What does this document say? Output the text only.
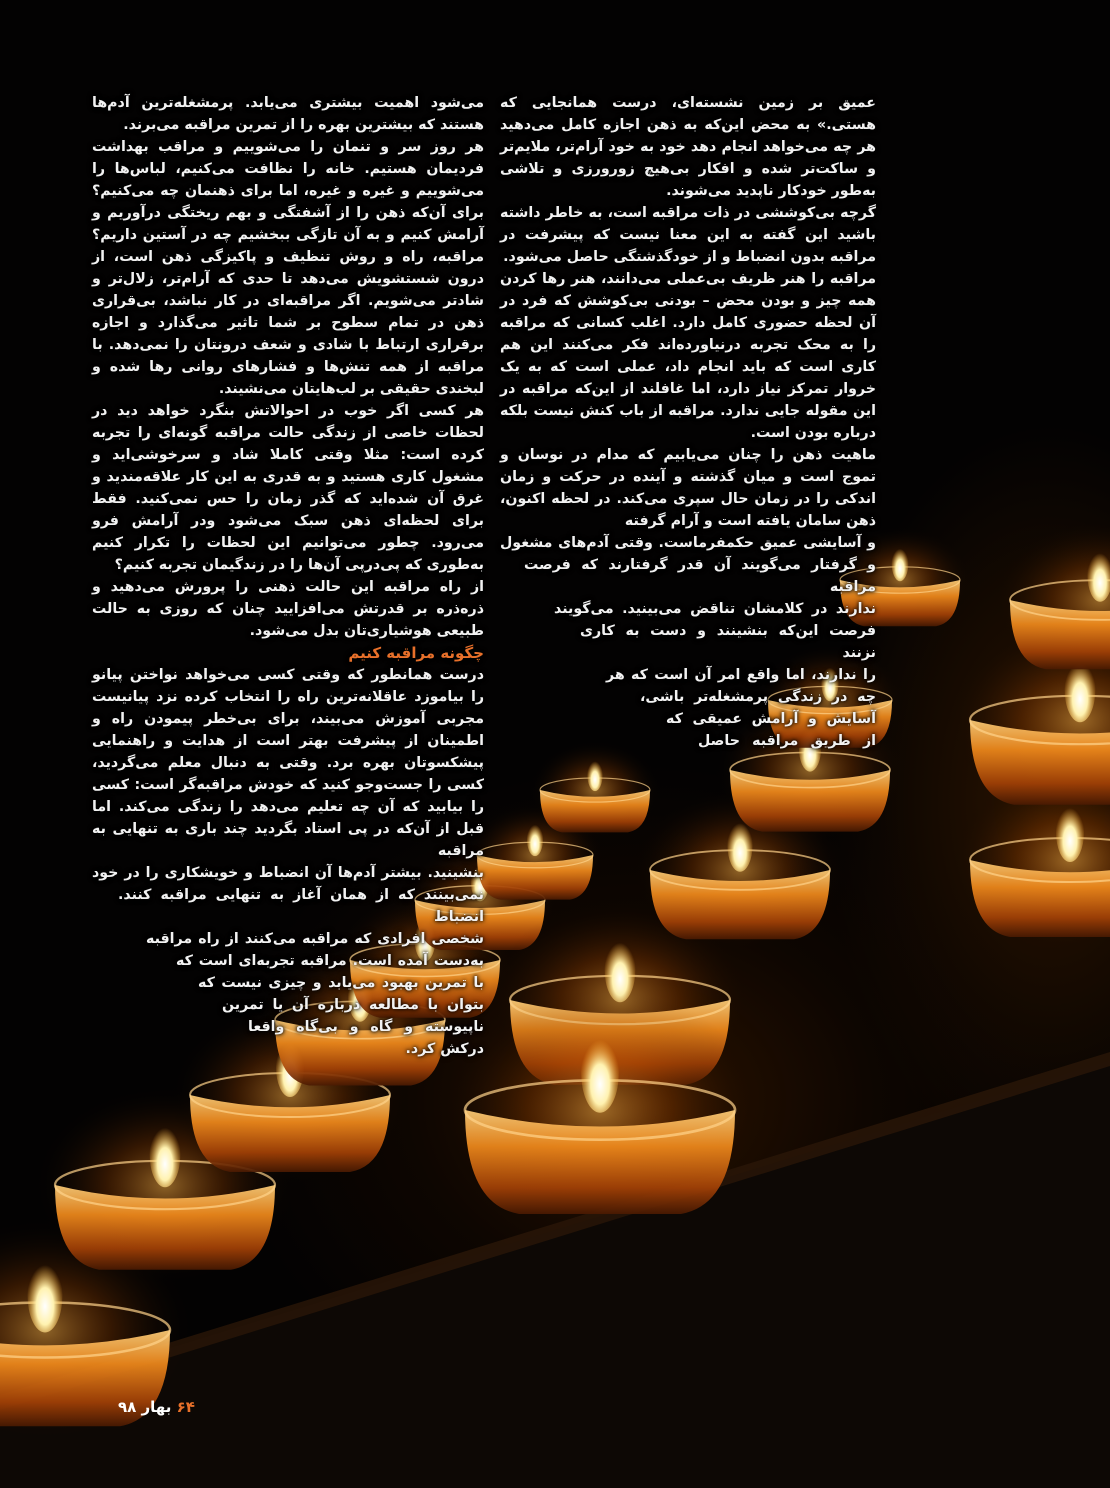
عمیق بر زمین نشسته‌ای، درست همانجایی که هستی.» به محض این‌که به ذهن اجازه کامل می‌دهید هر چه می‌خواهد انجام دهد خود به خود آرام‌تر، ملایم‌تر و ساکت‌تر شده و افکار بی‌هیچ زورورزی و تلاشی به‌طور خودکار ناپدید می‌شوند.

گرچه بی‌کوششی در ذات مراقبه است، به خاطر داشته باشید این گفته به این معنا نیست که پیشرفت در مراقبه بدون انضباط و از خودگذشتگی حاصل می‌شود.

مراقبه را هنر ظریف بی‌عملی می‌دانند، هنر رها کردن همه چیز و بودن محض – بودنی بی‌کوشش که فرد در آن لحظه حضوری کامل دارد. اغلب کسانی که مراقبه را به محک تجربه درنیاورده‌اند فکر می‌کنند این هم کاری است که باید انجام داد، عملی است که به یک خروار تمرکز نیاز دارد، اما غافلند از این‌که مراقبه در این مقوله جایی ندارد. مراقبه از باب کنش نیست بلکه درباره بودن است.

ماهیت ذهن را چنان می‌یابیم که مدام در نوسان و تموج است و میان گذشته و آینده در حرکت و زمان اندکی را در زمان حال سپری می‌کند. در لحظه اکنون، ذهن سامان یافته است و آرام گرفته

و آسایشی عمیق حکمفرماست. وقتی آدم‌های مشغول

و گرفتار می‌گویند آن قدر گرفتارند که فرصت مراقبه

ندارند در کلامشان تناقض می‌بینید. می‌گویند

فرصت این‌که بنشینند و دست به کاری نزنند

را ندارند، اما واقع امر آن است که هر

چه در زندگی پرمشغله‌تر باشی،

آسایش و آرامش عمیقی که

از طریق مراقبه حاصل

می‌شود اهمیت بیشتری می‌یابد. پرمشغله‌ترین آدم‌ها هستند که بیشترین بهره را از تمرین مراقبه می‌برند.

هر روز سر و تنمان را می‌شوییم و مراقب بهداشت فردیمان هستیم. خانه را نظافت می‌کنیم، لباس‌ها را می‌شوییم و غیره و غیره، اما برای ذهنمان چه می‌کنیم؟ برای آن‌که ذهن را از آشفتگی و بهم ریختگی درآوریم و آرامش کنیم و به آن تازگی ببخشیم چه در آستین داریم؟ مراقبه، راه و روش تنظیف و پاکیزگی ذهن است، از درون شستشویش می‌دهد تا حدی که آرام‌تر، زلال‌تر و شادتر می‌شویم. اگر مراقبه‌ای در کار نباشد، بی‌قراری ذهن در تمام سطوح بر شما تاثیر می‌گذارد و اجازه برقراری ارتباط با شادی و شعف درونتان را نمی‌دهد. با مراقبه از همه تنش‌ها و فشارهای روانی رها شده و لبخندی حقیقی بر لب‌هایتان می‌نشیند.

هر کسی اگر خوب در احوالاتش بنگرد خواهد دید در لحظات خاصی از زندگی حالت مراقبه گونه‌ای را تجربه کرده است: مثلا وقتی کاملا شاد و سرخوشی‌اید و مشغول کاری هستید و به قدری به این کار علاقه‌مندید و غرق آن شده‌اید که گذر زمان را حس نمی‌کنید. فقط برای لحظه‌ای ذهن سبک می‌شود ودر آرامش فرو می‌رود. چطور می‌توانیم این لحظات را تکرار کنیم به‌طوری که پی‌درپی آن‌ها را در زندگیمان تجربه کنیم؟

از راه مراقبه این حالت ذهنی را پرورش می‌دهید و ذره‌ذره بر قدرتش می‌افزایید چنان که روزی به حالت طبیعی هوشیاری‌تان بدل می‌شود.

چگونه مراقبه کنیم

درست همانطور که وقتی کسی می‌خواهد نواختن پیانو را بیاموزد عاقلانه‌ترین راه را انتخاب کرده نزد پیانیست مجربی آموزش می‌بیند، برای بی‌خطر پیمودن راه و اطمینان از پیشرفت بهتر است از هدایت و راهنمایی پیشکسوتان بهره برد. وقتی به دنبال معلم می‌گردید، کسی را جست‌وجو کنید که خودش مراقبه‌گر است: کسی را بیابید که آن چه تعلیم می‌دهد را زندگی می‌کند. اما قبل از آن‌که در پی استاد بگردید چند باری به تنهایی به مراقبه

بنشینید. بیشتر آدم‌ها آن انضباط و خویشکاری را در خود

نمی‌بینند که از همان آغاز به تنهایی مراقبه کنند. انضباط

شخصی افرادی که مراقبه می‌کنند از راه مراقبه

به‌دست آمده است. مراقبه تجربه‌ای است که

با تمرین بهبود می‌یابد و چیزی نیست که

بتوان با مطالعه درباره آن یا تمرین

ناپیوسته و گاه و بی‌گاه واقعا

درکش کرد.

۶۴ بهار ۹۸
